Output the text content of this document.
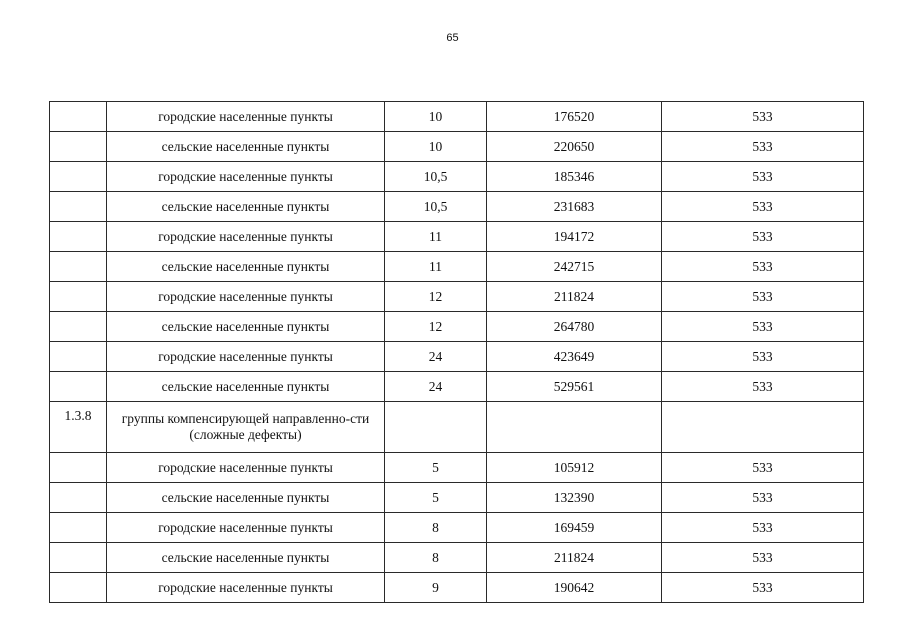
65
	городские населенные пункты	10	176520	533
	сельские населенные пункты	10	220650	533
	городские населенные пункты	10,5	185346	533
	сельские населенные пункты	10,5	231683	533
	городские населенные пункты	11	194172	533
	сельские населенные пункты	11	242715	533
	городские населенные пункты	12	211824	533
	сельские населенные пункты	12	264780	533
	городские населенные пункты	24	423649	533
	сельские населенные пункты	24	529561	533
1.3.8	группы компенсирующей направленно-сти (сложные дефекты)			
	городские населенные пункты	5	105912	533
	сельские населенные пункты	5	132390	533
	городские населенные пункты	8	169459	533
	сельские населенные пункты	8	211824	533
	городские населенные пункты	9	190642	533
